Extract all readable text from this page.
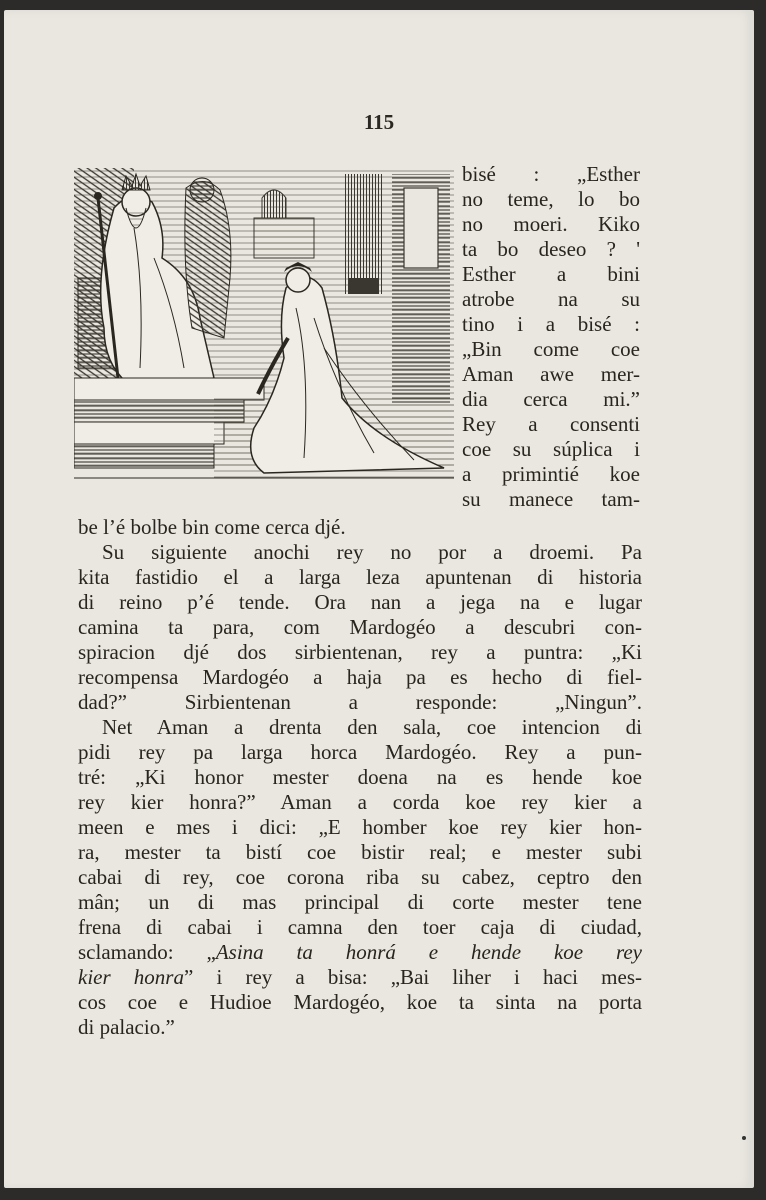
115
bisé : „Esther
no teme, lo bo
no moeri. Kiko
ta bo deseo ? '
Esther a bini
atrobe na su
tino i a bisé :
„Bin come coe
Aman awe mer-
dia cerca mi.”
Rey a consenti
coe su súplica i
a primintié koe
su manece tam-
be l’é bolbe bin come cerca djé.
Su siguiente anochi rey no por a droemi. Pa
kita fastidio el a larga leza apuntenan di historia
di reino p’é tende. Ora nan a jega na e lugar
camina ta para, com Mardogéo a descubri con-
spiracion djé dos sirbientenan, rey a puntra: „Ki
recompensa Mardogéo a haja pa es hecho di fiel-
dad?” Sirbientenan a responde: „Ningun”.
Net Aman a drenta den sala, coe intencion di
pidi rey pa larga horca Mardogéo. Rey a pun-
tré: „Ki honor mester doena na es hende koe
rey kier honra?” Aman a corda koe rey kier a
meen e mes i dici: „E homber koe rey kier hon-
ra, mester ta bistí coe bistir real; e mester subi
cabai di rey, coe corona riba su cabez, ceptro den
mân; un di mas principal di corte mester tene
frena di cabai i camna den toer caja di ciudad,
sclamando: „Asina ta honrá e hende koe rey
kier honra” i rey a bisa: „Bai liher i haci mes-
cos coe e Hudioe Mardogéo, koe ta sinta na porta
di palacio.”
